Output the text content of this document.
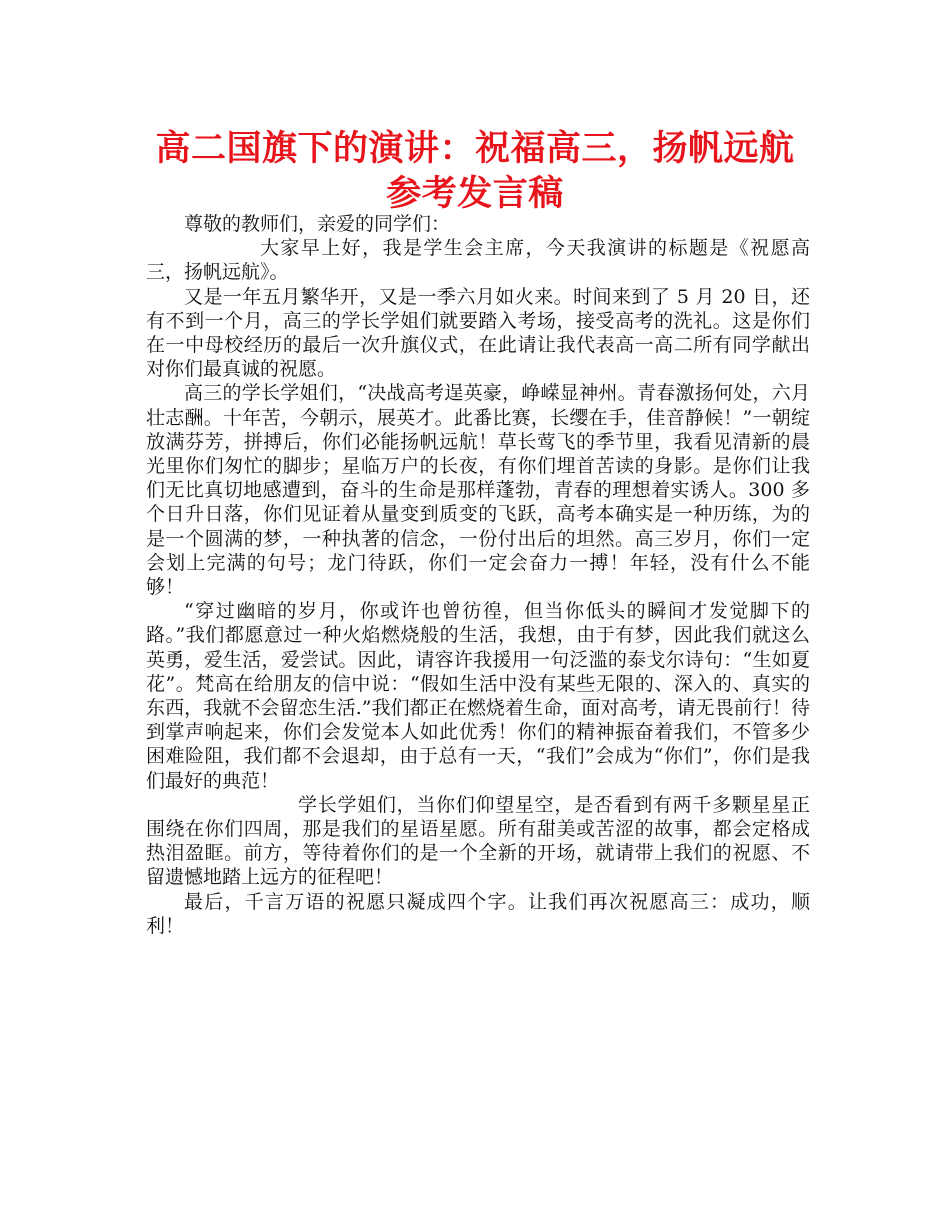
高二国旗下的演讲：祝福高三，扬帆远航
参考发言稿

尊敬的教师们，亲爱的同学们：

大家早上好，我是学生会主席，今天我演讲的标题是《祝愿高三，扬帆远航》。

又是一年五月繁华开，又是一季六月如火来。时间来到了 5 月 20 日，还有不到一个月，高三的学长学姐们就要踏入考场，接受高考的洗礼。这是你们在一中母校经历的最后一次升旗仪式，在此请让我代表高一高二所有同学献出对你们最真诚的祝愿。

高三的学长学姐们，“决战高考逞英豪，峥嵘显神州。青春激扬何处，六月壮志酬。十年苦，今朝示，展英才。此番比赛，长缨在手，佳音静候！”一朝绽放满芬芳，拼搏后，你们必能扬帆远航！草长莺飞的季节里，我看见清新的晨光里你们匆忙的脚步；星临万户的长夜，有你们埋首苦读的身影。是你们让我们无比真切地感遭到，奋斗的生命是那样蓬勃，青春的理想着实诱人。300 多个日升日落，你们见证着从量变到质变的飞跃，高考本确实是一种历练，为的是一个圆满的梦，一种执著的信念，一份付出后的坦然。高三岁月，你们一定会划上完满的句号；龙门待跃，你们一定会奋力一搏！年轻，没有什么不能够！

“穿过幽暗的岁月，你或许也曾彷徨，但当你低头的瞬间才发觉脚下的路。”我们都愿意过一种火焰燃烧般的生活，我想，由于有梦，因此我们就这么英勇，爱生活，爱尝试。因此，请容许我援用一句泛滥的泰戈尔诗句：“生如夏花”。梵高在给朋友的信中说：“假如生活中没有某些无限的、深入的、真实的东西，我就不会留恋生活.”我们都正在燃烧着生命，面对高考，请无畏前行！待到掌声响起来，你们会发觉本人如此优秀！你们的精神振奋着我们，不管多少困难险阻，我们都不会退却，由于总有一天，“我们”会成为“你们”，你们是我们最好的典范！

学长学姐们，当你们仰望星空，是否看到有两千多颗星星正围绕在你们四周，那是我们的星语星愿。所有甜美或苦涩的故事，都会定格成热泪盈眶。前方，等待着你们的是一个全新的开场，就请带上我们的祝愿、不留遗憾地踏上远方的征程吧！

最后，千言万语的祝愿只凝成四个字。让我们再次祝愿高三：成功，顺利！
